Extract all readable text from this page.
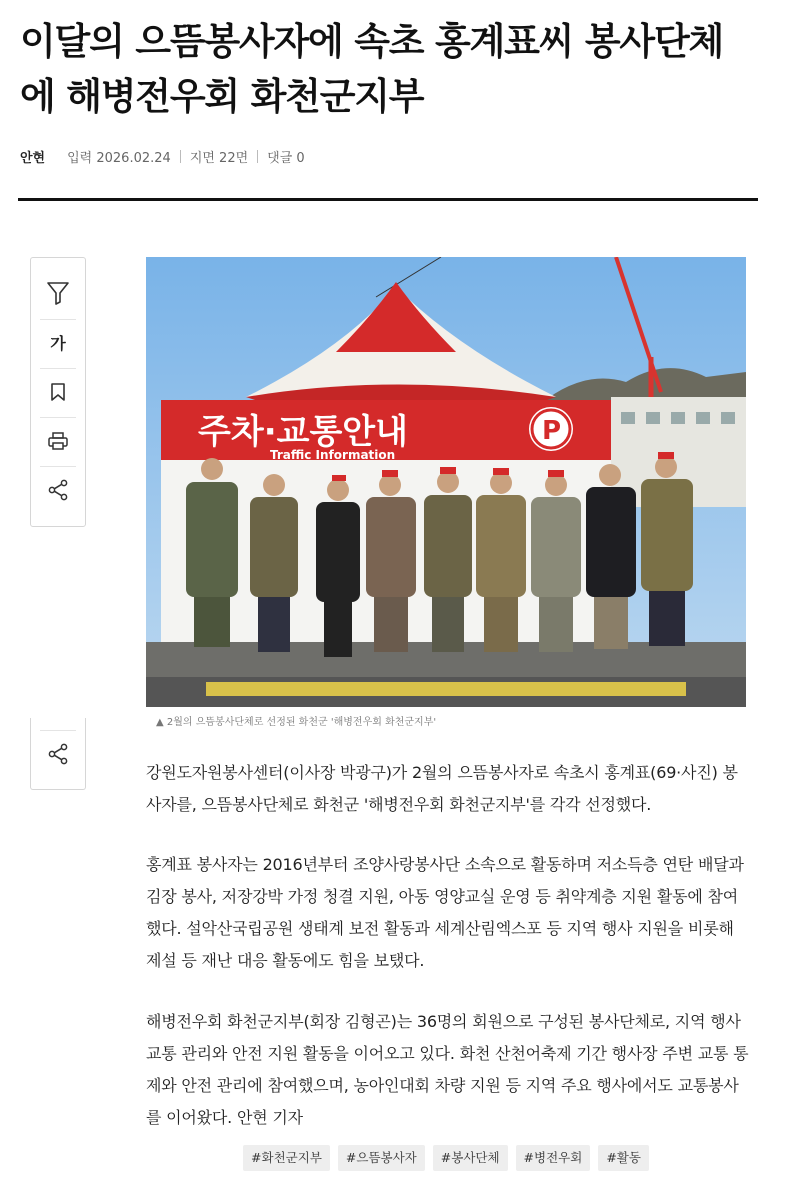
이달의 으뜸봉사자에 속초 홍계표씨 봉사단체
에 해병전우회 화천군지부
안현 입력 2026.02.24 지면 22면 댓글 0
가
주차·교통안내
Traffic Information
P
▲ 2월의 으뜸봉사단체로 선정된 화천군 '해병전우회 화천군지부'

강원도자원봉사센터(이사장 박광구)가 2월의 으뜸봉사자로 속초시 홍계표(69·사진) 봉사자를, 으뜸봉사단체로 화천군 '해병전우회 화천군지부'를 각각 선정했다.

홍계표 봉사자는 2016년부터 조양사랑봉사단 소속으로 활동하며 저소득층 연탄 배달과 김장 봉사, 저장강박 가정 청결 지원, 아동 영양교실 운영 등 취약계층 지원 활동에 참여했다. 설악산국립공원 생태계 보전 활동과 세계산림엑스포 등 지역 행사 지원을 비롯해 제설 등 재난 대응 활동에도 힘을 보탰다.

해병전우회 화천군지부(회장 김형곤)는 36명의 회원으로 구성된 봉사단체로, 지역 행사 교통 관리와 안전 지원 활동을 이어오고 있다. 화천 산천어축제 기간 행사장 주변 교통 통제와 안전 관리에 참여했으며, 농아인대회 차량 지원 등 지역 주요 행사에서도 교통봉사를 이어왔다. 안현 기자

#화천군지부	#으뜸봉사자	#봉사단체	#병전우회	#활동
